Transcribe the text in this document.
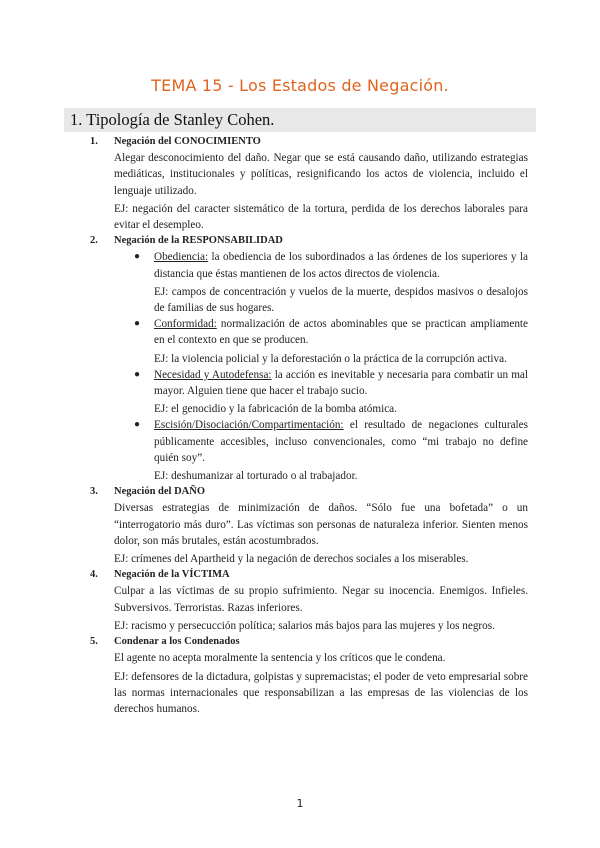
TEMA 15 - Los Estados de Negación.
1. Tipología de Stanley Cohen.
1. Negación del CONOCIMIENTO
Alegar desconocimiento del daño. Negar que se está causando daño, utilizando estrategias mediáticas, institucionales y políticas, resignificando los actos de violencia, incluido el lenguaje utilizado.
EJ: negación del caracter sistemático de la tortura, perdida de los derechos laborales para evitar el desempleo.
2. Negación de la RESPONSABILIDAD
● Obediencia: la obediencia de los subordinados a las órdenes de los superiores y la distancia que éstas mantienen de los actos directos de violencia.
EJ: campos de concentración y vuelos de la muerte, despidos masivos o desalojos de familias de sus hogares.
● Conformidad: normalización de actos abominables que se practican ampliamente en el contexto en que se producen.
EJ: la violencia policial y la deforestación o la práctica de la corrupción activa.
● Necesidad y Autodefensa: la acción es inevitable y necesaria para combatir un mal mayor. Alguien tiene que hacer el trabajo sucio.
EJ: el genocidio y la fabricación de la bomba atómica.
● Escisión/Disociación/Compartimentación: el resultado de negaciones culturales públicamente accesibles, incluso convencionales, como “mi trabajo no define quién soy”.
EJ: deshumanizar al torturado o al trabajador.
3. Negación del DAÑO
Diversas estrategias de minimización de daños. “Sólo fue una bofetada” o un “interrogatorio más duro”. Las víctimas son personas de naturaleza inferior. Sienten menos dolor, son más brutales, están acostumbrados.
EJ: crímenes del Apartheid y la negación de derechos sociales a los miserables.
4. Negación de la VÍCTIMA
Culpar a las víctimas de su propio sufrimiento. Negar su inocencia. Enemigos. Infieles. Subversivos. Terroristas. Razas inferiores.
EJ: racismo y persecucción política; salarios más bajos para las mujeres y los negros.
5. Condenar a los Condenados
El agente no acepta moralmente la sentencia y los críticos que le condena.
EJ: defensores de la dictadura, golpistas y supremacistas; el poder de veto empresarial sobre las normas internacionales que responsabilizan a las empresas de las violencias de los derechos humanos.
1
